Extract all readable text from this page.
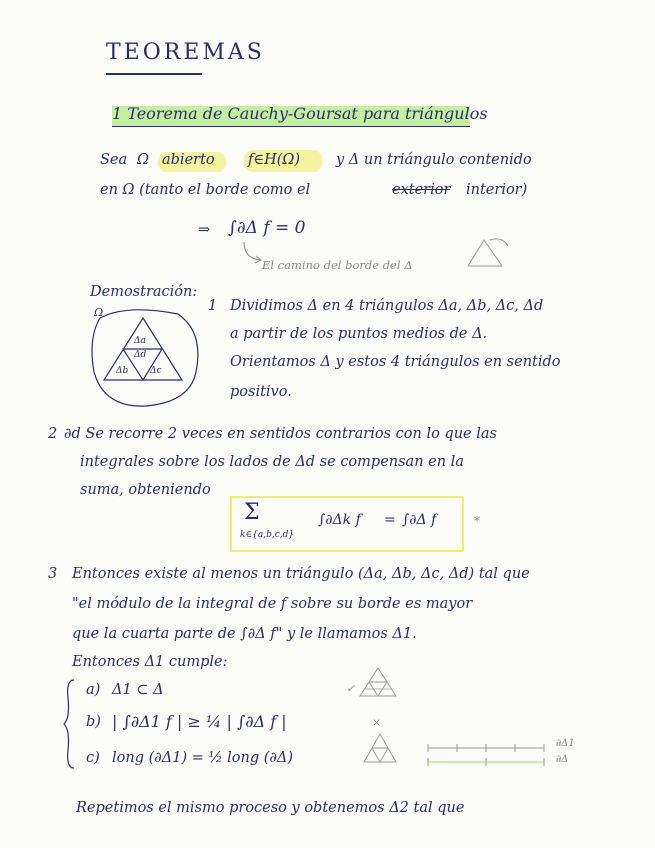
TEOREMAS
1 Teorema de Cauchy-Goursat para triángulos
Sea Ω abierto f∈H(Ω) y Δ un triángulo contenido
en Ω (tanto el borde como el	exterior interior)
⇒ ∫∂Δ f = 0
El camino del borde del Δ
Demostración:
Ω
Δa
Δd
Δb Δc
1 Dividimos Δ en 4 triángulos Δa, Δb, Δc, Δd
a partir de los puntos medios de Δ.
Orientamos Δ y estos 4 triángulos en sentido
positivo.
2 ∂d Se recorre 2 veces en sentidos contrarios con lo que las
integrales sobre los lados de Δd se compensan en la
suma, obteniendo
Σ
k∈{a,b,c,d}
∫∂Δk f = ∫∂Δ f	*
3 Entonces existe al menos un triángulo (Δa, Δb, Δc, Δd) tal que
"el módulo de la integral de f sobre su borde es mayor
que la cuarta parte de ∫∂Δ f" y le llamamos Δ1.
Entonces Δ1 cumple:
a) Δ1 ⊂ Δ
b) | ∫∂Δ1 f | ≥ ¼ | ∫∂Δ f |
c) long (∂Δ1) = ½ long (∂Δ)
✓
×
∂Δ1
∂Δ
Repetimos el mismo proceso y obtenemos Δ2 tal que
